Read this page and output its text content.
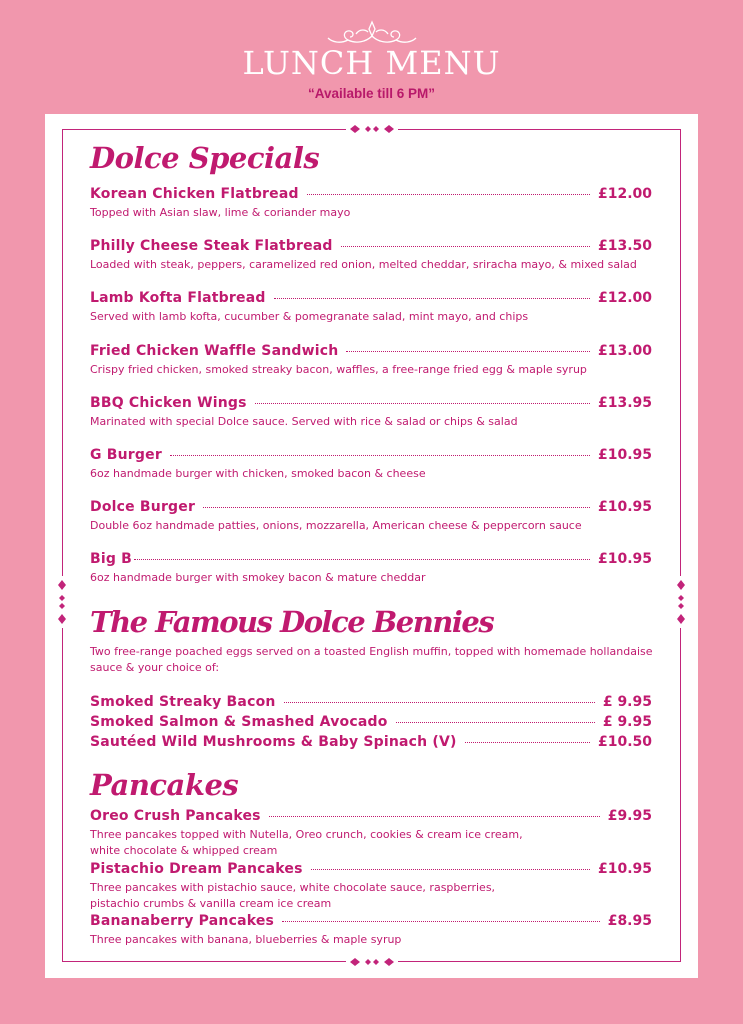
LUNCH MENU
“Available till 6 PM”
Dolce Specials
Korean Chicken Flatbread	£12.00
Topped with Asian slaw, lime & coriander mayo
Philly Cheese Steak Flatbread	£13.50
Loaded with steak, peppers, caramelized red onion, melted cheddar, sriracha mayo, & mixed salad
Lamb Kofta Flatbread	£12.00
Served with lamb kofta, cucumber & pomegranate salad, mint mayo, and chips
Fried Chicken Waffle Sandwich	£13.00
Crispy fried chicken, smoked streaky bacon, waffles, a free-range fried egg & maple syrup
BBQ Chicken Wings	£13.95
Marinated with special Dolce sauce. Served with rice & salad or chips & salad
G Burger	£10.95
6oz handmade burger with chicken, smoked bacon & cheese
Dolce Burger	£10.95
Double 6oz handmade patties, onions, mozzarella, American cheese & peppercorn sauce
Big B	£10.95
6oz handmade burger with smokey bacon & mature cheddar
The Famous Dolce Bennies
Two free-range poached eggs served on a toasted English muffin, topped with homemade hollandaise sauce & your choice of:
Smoked Streaky Bacon	£ 9.95
Smoked Salmon & Smashed Avocado	£ 9.95
Sautéed Wild Mushrooms & Baby Spinach (V)	£10.50
Pancakes
Oreo Crush Pancakes	£9.95
Three pancakes topped with Nutella, Oreo crunch, cookies & cream ice cream,
white chocolate & whipped cream
Pistachio Dream Pancakes	£10.95
Three pancakes with pistachio sauce, white chocolate sauce, raspberries,
pistachio crumbs & vanilla cream ice cream
Bananaberry Pancakes	£8.95
Three pancakes with banana, blueberries & maple syrup
